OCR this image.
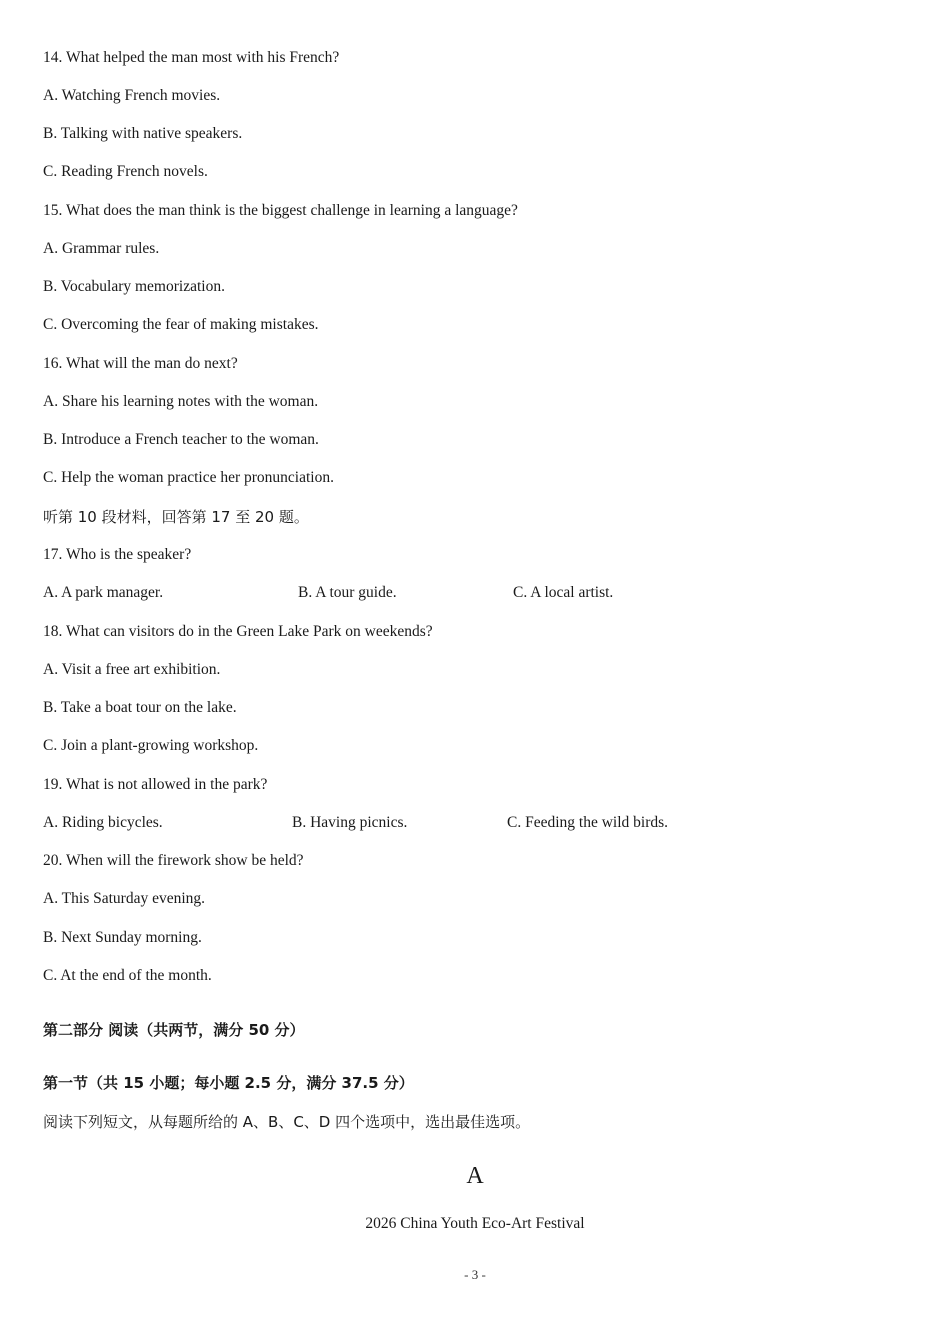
14. What helped the man most with his French?
A. Watching French movies.
B. Talking with native speakers.
C. Reading French novels.
15. What does the man think is the biggest challenge in learning a language?
A. Grammar rules.
B. Vocabulary memorization.
C. Overcoming the fear of making mistakes.
16. What will the man do next?
A. Share his learning notes with the woman.
B. Introduce a French teacher to the woman.
C. Help the woman practice her pronunciation.
听第 10 段材料，回答第 17 至 20 题。
17. Who is the speaker?
A. A park manager.	B. A tour guide.	C. A local artist.
18. What can visitors do in the Green Lake Park on weekends?
A. Visit a free art exhibition.
B. Take a boat tour on the lake.
C. Join a plant-growing workshop.
19. What is not allowed in the park?
A. Riding bicycles.	B. Having picnics.	C. Feeding the wild birds.
20. When will the firework show be held?
A. This Saturday evening.
B. Next Sunday morning.
C. At the end of the month.
第二部分 阅读（共两节，满分 50 分）
第一节（共 15 小题；每小题 2.5 分，满分 37.5 分）
阅读下列短文，从每题所给的 A、B、C、D 四个选项中，选出最佳选项。
A
2026 China Youth Eco-Art Festival
- 3 -
